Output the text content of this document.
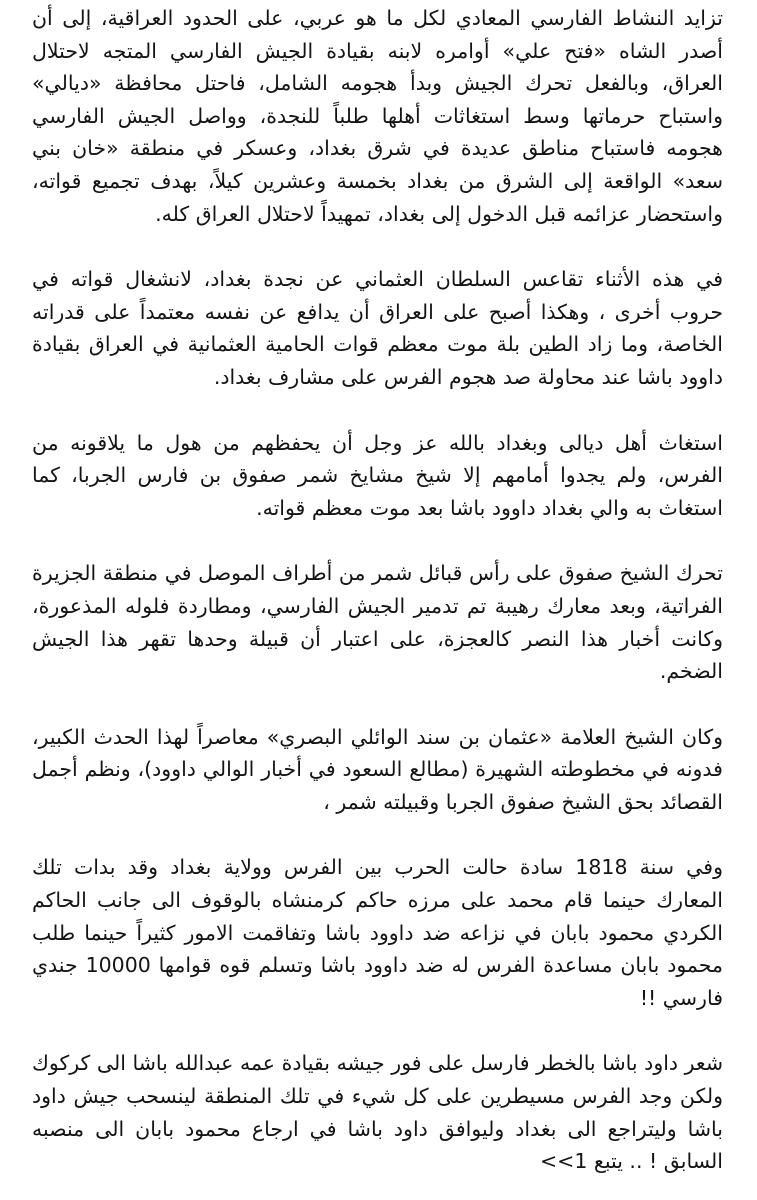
تزايد النشاط الفارسي المعادي لكل ما هو عربي، على الحدود العراقية، إلى أن أصدر الشاه «فتح علي» أوامره لابنه بقيادة الجيش الفارسي المتجه لاحتلال العراق، وبالفعل تحرك الجيش وبدأ هجومه الشامل، فاحتل محافظة «ديالي» واستباح حرماتها وسط استغاثات أهلها طلباً للنجدة، وواصل الجيش الفارسي هجومه فاستباح مناطق عديدة في شرق بغداد، وعسكر في منطقة «خان بني سعد» الواقعة إلى الشرق من بغداد بخمسة وعشرين كيلاً، بهدف تجميع قواته، واستحضار عزائمه قبل الدخول إلى بغداد، تمهيداً لاحتلال العراق كله.

في هذه الأثناء تقاعس السلطان العثماني عن نجدة بغداد، لانشغال قواته في حروب أخرى ، وهكذا أصبح على العراق أن يدافع عن نفسه معتمداً على قدراته الخاصة، وما زاد الطين بلة موت معظم قوات الحامية العثمانية في العراق بقيادة داوود باشا عند محاولة صد هجوم الفرس على مشارف بغداد.

استغاث أهل ديالى وبغداد بالله عز وجل أن يحفظهم من هول ما يلاقونه من الفرس، ولم يجدوا أمامهم إلا شيخ مشايخ شمر صفوق بن فارس الجربا، كما استغاث به والي بغداد داوود باشا بعد موت معظم قواته.

تحرك الشيخ صفوق على رأس قبائل شمر من أطراف الموصل في منطقة الجزيرة الفراتية، وبعد معارك رهيبة تم تدمير الجيش الفارسي، ومطاردة فلوله المذعورة، وكانت أخبار هذا النصر كالعجزة، على اعتبار أن قبيلة وحدها تقهر هذا الجيش الضخم.

وكان الشيخ العلامة «عثمان بن سند الوائلي البصري» معاصراً لهذا الحدث الكبير، فدونه في مخطوطته الشهيرة (مطالع السعود في أخبار الوالي داوود)، ونظم أجمل القصائد بحق الشيخ صفوق الجربا وقبيلته شمر ،

وفي سنة 1818 سادة حالت الحرب بين الفرس وولاية بغداد وقد بدات تلك المعارك حينما قام محمد على مرزه حاكم كرمنشاه بالوقوف الى جانب الحاكم الكردي محمود بابان في نزاعه ضد داوود باشا وتفاقمت الامور كثيراً حينما طلب محمود بابان مساعدة الفرس له ضد داوود باشا وتسلم قوه قوامها 10000 جندي فارسي !!

شعر داود باشا بالخطر فارسل على فور جيشه بقيادة عمه عبدالله باشا الى كركوك ولكن وجد الفرس مسيطرين على كل شيء في تلك المنطقة لينسحب جيش داود باشا وليتراجع الى بغداد وليوافق داود باشا في ارجاع محمود بابان الى منصبه السابق ! .. يتبع 1>>
